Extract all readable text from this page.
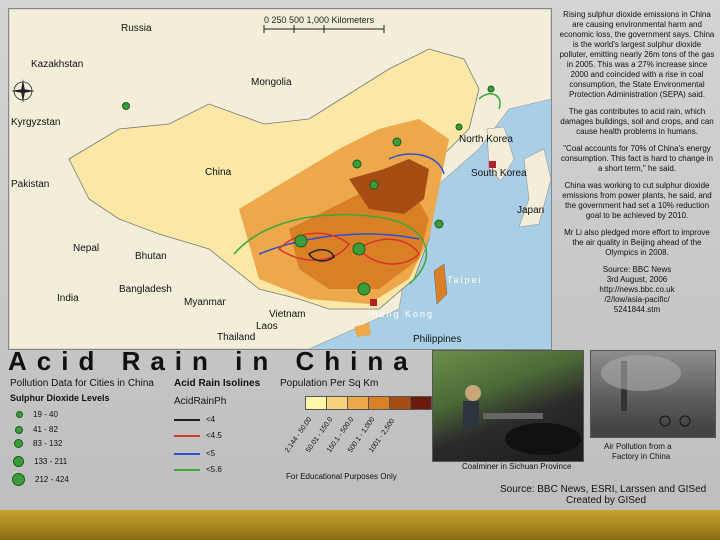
0 250 500 1,000 Kilometers
Russia
Kazakhstan
Mongolia
Kyrgyzstan
Pakistan
China
North Korea
South Korea
Japan
Nepal
Bhutan
India
Bangladesh
Myanmar
Vietnam
Laos
Thailand	Philippines
Taipei
Hong Kong

Rising sulphur dioxide emissions in China are causing environmental harm and economic loss, the government says. China is the world's largest sulphur dioxide polluter, emitting nearly 26m tons of the gas in 2005. This was a 27% increase since 2000 and coincided with a rise in coal consumption, the State Environmental Protection Administration (SEPA) said.

The gas contributes to acid rain, which damages buildings, soil and crops, and can cause health problems in humans.

"Coal accounts for 70% of China's energy consumption. This fact is hard to change in a short term," he said.

China was working to cut sulphur dioxide emissions from power plants, he said, and the government had set a 10% reduction goal to be achieved by 2010.

Mr Li also pledged more effort to improve the air quality in Beijing ahead of the Olympics in 2008.

Source: BBC News
3rd August, 2006
http://news.bbc.co.uk
/2/low/asia-pacific/
5241844.stm
Acid Rain in China
Pollution Data for Cities in China
Sulphur Dioxide Levels
19 - 40
41 - 82
83 - 132
133 - 211
212 - 424
Acid Rain Isolines
AcidRainPh
<4
<4.5
<5
<5.6
Population Per Sq Km
2.144 - 50.00
50.01 - 150.0
150.1 - 500.0
500.1 - 1,000
1001 - 2,500
For Educational Purposes Only
Coalminer in Sichuan Province
Air Pollution from a
Factory in China
Source: BBC News, ESRI, Larssen and GISed
Created by GISed
